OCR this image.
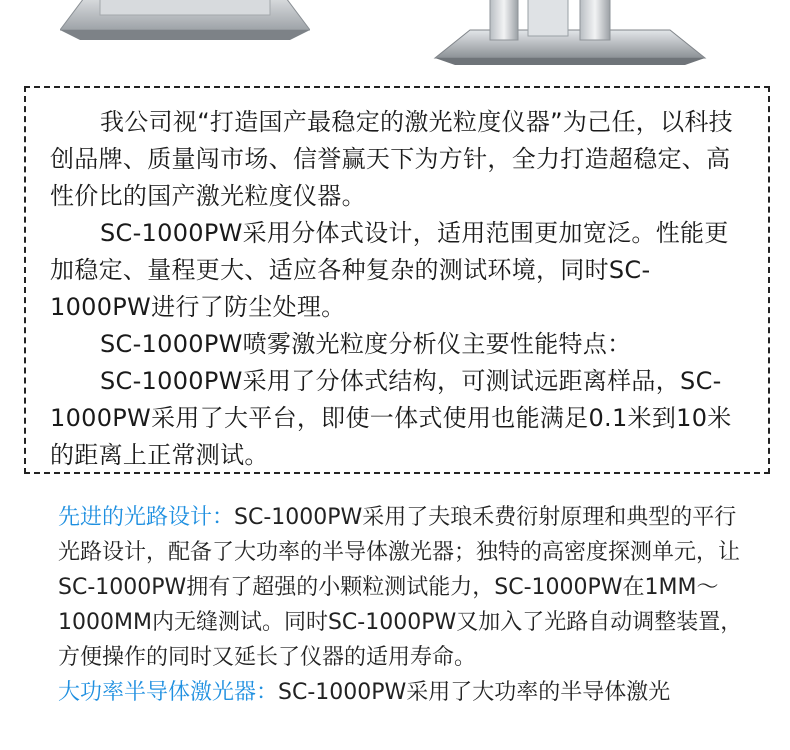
我公司视“打造国产最稳定的激光粒度仪器”为己任，以科技创品牌、质量闯市场、信誉赢天下为方针，全力打造超稳定、高性价比的国产激光粒度仪器。

SC-1000PW采用分体式设计，适用范围更加宽泛。性能更加稳定、量程更大、适应各种复杂的测试环境，同时SC-1000PW进行了防尘处理。

SC-1000PW喷雾激光粒度分析仪主要性能特点：

SC-1000PW采用了分体式结构，可测试远距离样品，SC-1000PW采用了大平台，即使一体式使用也能满足0.1米到10米的距离上正常测试。

先进的光路设计：SC-1000PW采用了夫琅禾费衍射原理和典型的平行光路设计，配备了大功率的半导体激光器；独特的高密度探测单元，让SC-1000PW拥有了超强的小颗粒测试能力，SC-1000PW在1MM～1000MM内无缝测试。同时SC-1000PW又加入了光路自动调整装置，方便操作的同时又延长了仪器的适用寿命。

大功率半导体激光器：SC-1000PW采用了大功率的半导体激光
